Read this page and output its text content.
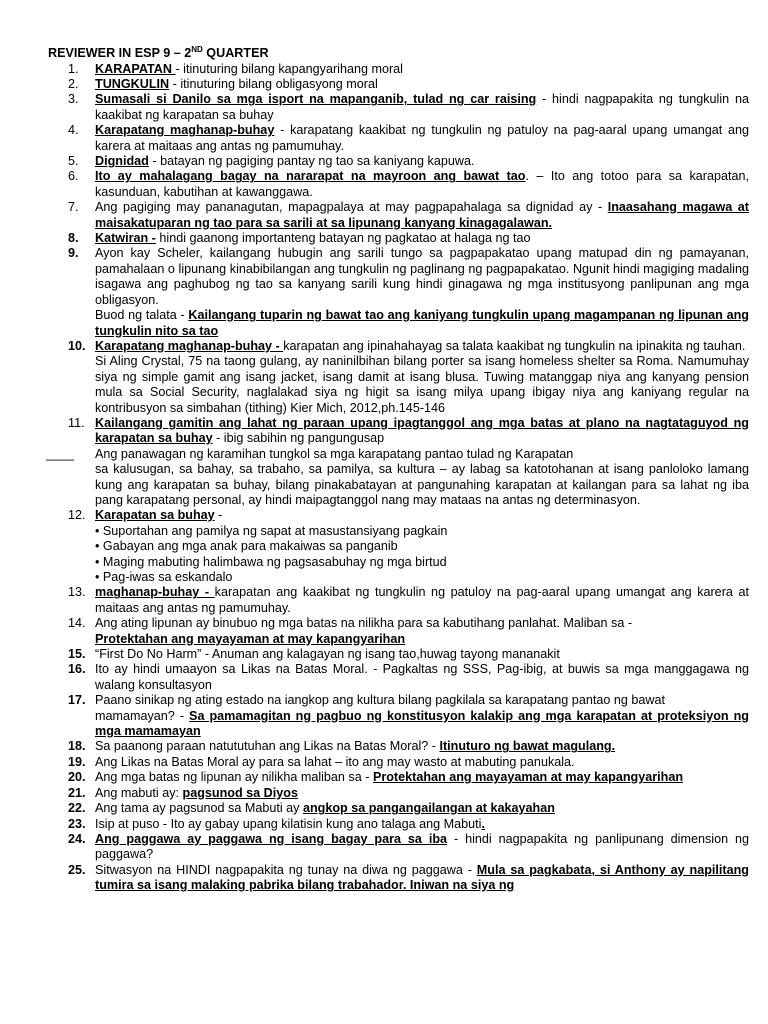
REVIEWER IN ESP 9 – 2ND QUARTER

1. KARAPATAN - itinuturing bilang kapangyarihang moral
2. TUNGKULIN - itinuturing bilang obligasyong moral
3. Sumasali si Danilo sa mga isport na mapanganib, tulad ng car raising - hindi nagpapakita ng tungkulin na kaakibat ng karapatan sa buhay
4. Karapatang maghanap-buhay - karapatang kaakibat ng tungkulin ng patuloy na pag-aaral upang umangat ang karera at maitaas ang antas ng pamumuhay.
5. Dignidad - batayan ng pagiging pantay ng tao sa kaniyang kapuwa.
6. Ito ay mahalagang bagay na nararapat na mayroon ang bawat tao. – Ito ang totoo para sa karapatan, kasunduan, kabutihan at kawanggawa.
7. Ang pagiging may pananagutan, mapagpalaya at may pagpapahalaga sa dignidad ay - Inaasahang magawa at maisakatuparan ng tao para sa sarili at sa lipunang kanyang kinagagalawan.
8. Katwiran - hindi gaanong importanteng batayan ng pagkatao at halaga ng tao
9. Ayon kay Scheler, kailangang hubugin ang sarili tungo sa pagpapakatao upang matupad din ng pamayanan, pamahalaan o lipunang kinabibilangan ang tungkulin ng paglinang ng pagpapakatao. Ngunit hindi magiging madaling isagawa ang paghubog ng tao sa kanyang sarili kung hindi ginagawa ng mga institusyong panlipunan ang mga obligasyon.
Buod ng talata - Kailangang tuparin ng bawat tao ang kaniyang tungkulin upang magampanan ng lipunan ang tungkulin nito sa tao
10. Karapatang maghanap-buhay - karapatan ang ipinahahayag sa talata kaakibat ng tungkulin na ipinakita ng tauhan.
Si Aling Crystal, 75 na taong gulang, ay naninilbihan bilang porter sa isang homeless shelter sa Roma. Namumuhay siya ng simple gamit ang isang jacket, isang damit at isang blusa. Tuwing matanggap niya ang kanyang pension mula sa Social Security, naglalakad siya ng higit sa isang milya upang ibigay niya ang kaniyang regular na kontribusyon sa simbahan (tithing) Kier Mich, 2012,ph.145-146
11. Kailangang gamitin ang lahat ng paraan upang ipagtanggol ang mga batas at plano na nagtataguyod ng karapatan sa buhay - ibig sabihin ng pangungusap
____ Ang panawagan ng karamihan tungkol sa mga karapatang pantao tulad ng Karapatan
sa kalusugan, sa bahay, sa trabaho, sa pamilya, sa kultura – ay labag sa katotohanan at isang panloloko lamang kung ang karapatan sa buhay, bilang pinakabatayan at pangunahing karapatan at kailangan para sa lahat ng iba pang karapatang personal, ay hindi maipagtanggol nang may mataas na antas ng determinasyon.
12. Karapatan sa buhay -
• Suportahan ang pamilya ng sapat at masustansiyang pagkain
• Gabayan ang mga anak para makaiwas sa panganib
• Maging mabuting halimbawa ng pagsasabuhay ng mga birtud
• Pag-iwas sa eskandalo
13. maghanap-buhay - karapatan ang kaakibat ng tungkulin ng patuloy na pag-aaral upang umangat ang karera at maitaas ang antas ng pamumuhay.
14. Ang ating lipunan ay binubuo ng mga batas na nilikha para sa kabutihang panlahat. Maliban sa -
Protektahan ang mayayaman at may kapangyarihan
15. “First Do No Harm” - Anuman ang kalagayan ng isang tao,huwag tayong mananakit
16. Ito ay hindi umaayon sa Likas na Batas Moral. - Pagkaltas ng SSS, Pag-ibig, at buwis sa mga manggagawa ng walang konsultasyon
17. Paano sinikap ng ating estado na iangkop ang kultura bilang pagkilala sa karapatang pantao ng bawat
mamamayan? - Sa pamamagitan ng pagbuo ng konstitusyon kalakip ang mga karapatan at proteksiyon ng mga mamamayan
18. Sa paanong paraan natututuhan ang Likas na Batas Moral? - Itinuturo ng bawat magulang.
19. Ang Likas na Batas Moral ay para sa lahat – ito ang may wasto at mabuting panukala.
20. Ang mga batas ng lipunan ay nilikha maliban sa - Protektahan ang mayayaman at may kapangyarihan
21. Ang mabuti ay: pagsunod sa Diyos
22. Ang tama ay pagsunod sa Mabuti ay angkop sa pangangailangan at kakayahan
23. Isip at puso - Ito ay gabay upang kilatisin kung ano talaga ang Mabuti.
24. Ang paggawa ay paggawa ng isang bagay para sa iba - hindi nagpapakita ng panlipunang dimension ng paggawa?
25. Sitwasyon na HINDI nagpapakita ng tunay na diwa ng paggawa - Mula sa pagkabata, si Anthony ay napilitang tumira sa isang malaking pabrika bilang trabahador. Iniwan na siya ng
